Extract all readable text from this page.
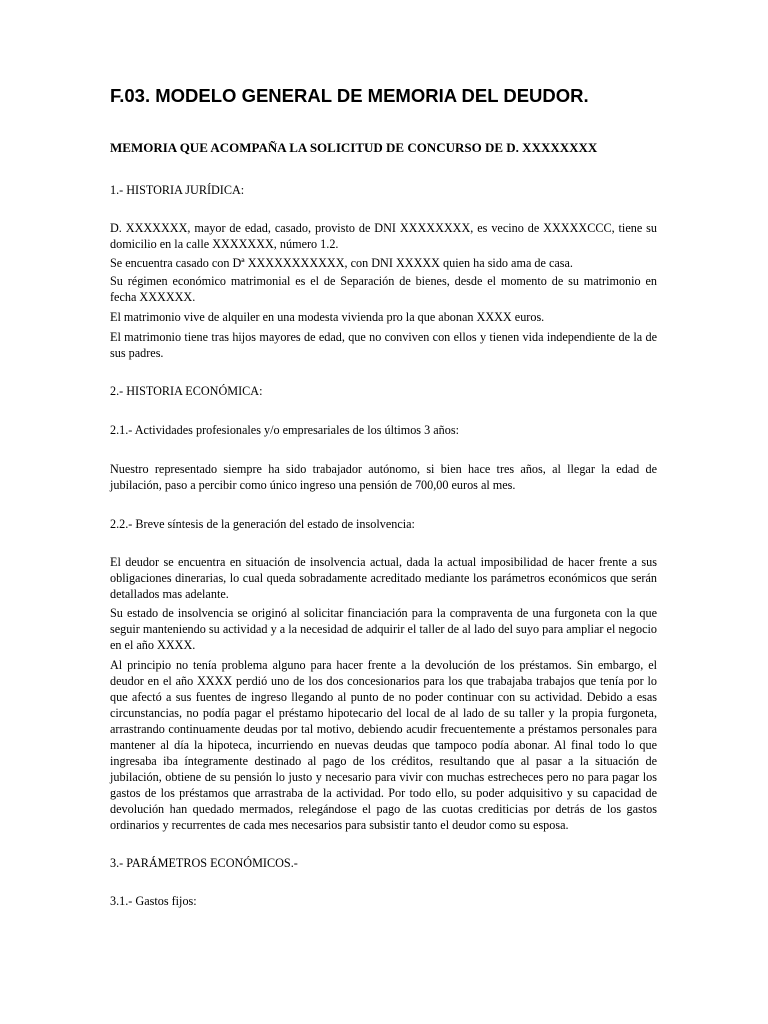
F.03. MODELO GENERAL DE MEMORIA DEL DEUDOR.

MEMORIA QUE ACOMPAÑA LA SOLICITUD DE CONCURSO DE D. XXXXXXXX

1.- HISTORIA JURÍDICA:

D. XXXXXXX, mayor de edad, casado, provisto de DNI XXXXXXXX, es vecino de XXXXXCCC, tiene su domicilio en la calle XXXXXXX, número 1.2.

Se encuentra casado con Dª XXXXXXXXXXX, con DNI XXXXX quien ha sido ama de casa.

Su régimen económico matrimonial es el de Separación de bienes, desde el momento de su matrimonio en fecha XXXXXX.

El matrimonio vive de alquiler en una modesta vivienda pro la que abonan XXXX euros.

El matrimonio tiene tras hijos mayores de edad, que no conviven con ellos y tienen vida independiente de la de sus padres.

2.- HISTORIA ECONÓMICA:

2.1.- Actividades profesionales y/o empresariales de los últimos 3 años:

Nuestro representado siempre ha sido trabajador autónomo, si bien hace tres años, al llegar la edad de jubilación, paso a percibir como único ingreso una pensión de 700,00 euros al mes.

2.2.- Breve síntesis de la generación del estado de insolvencia:

El deudor se encuentra en situación de insolvencia actual, dada la actual imposibilidad de hacer frente a sus obligaciones dinerarias, lo cual queda sobradamente acreditado mediante los parámetros económicos que serán detallados mas adelante.

Su estado de insolvencia se originó al solicitar financiación para la compraventa de una furgoneta con la que seguir manteniendo su actividad y a la necesidad de adquirir el taller de al lado del suyo para ampliar el negocio en el año XXXX.

Al principio no tenía problema alguno para hacer frente a la devolución de los préstamos. Sin embargo, el deudor en el año XXXX perdió uno de los dos concesionarios para los que trabajaba trabajos que tenía por lo que afectó a sus fuentes de ingreso llegando al punto de no poder continuar con su actividad. Debido a esas circunstancias, no podía pagar el préstamo hipotecario del local de al lado de su taller y la propia furgoneta, arrastrando continuamente deudas por tal motivo, debiendo acudir frecuentemente a préstamos personales para mantener al día la hipoteca, incurriendo en nuevas deudas que tampoco podía abonar. Al final todo lo que ingresaba iba íntegramente destinado al pago de los créditos, resultando que al pasar a la situación de jubilación, obtiene de su pensión lo justo y necesario para vivir con muchas estrecheces pero no para pagar los gastos de los préstamos que arrastraba de la actividad. Por todo ello, su poder adquisitivo y su capacidad de devolución han quedado mermados, relegándose el pago de las cuotas crediticias por detrás de los gastos ordinarios y recurrentes de cada mes necesarios para subsistir tanto el deudor como su esposa.

3.- PARÁMETROS ECONÓMICOS.-

3.1.- Gastos fijos:
